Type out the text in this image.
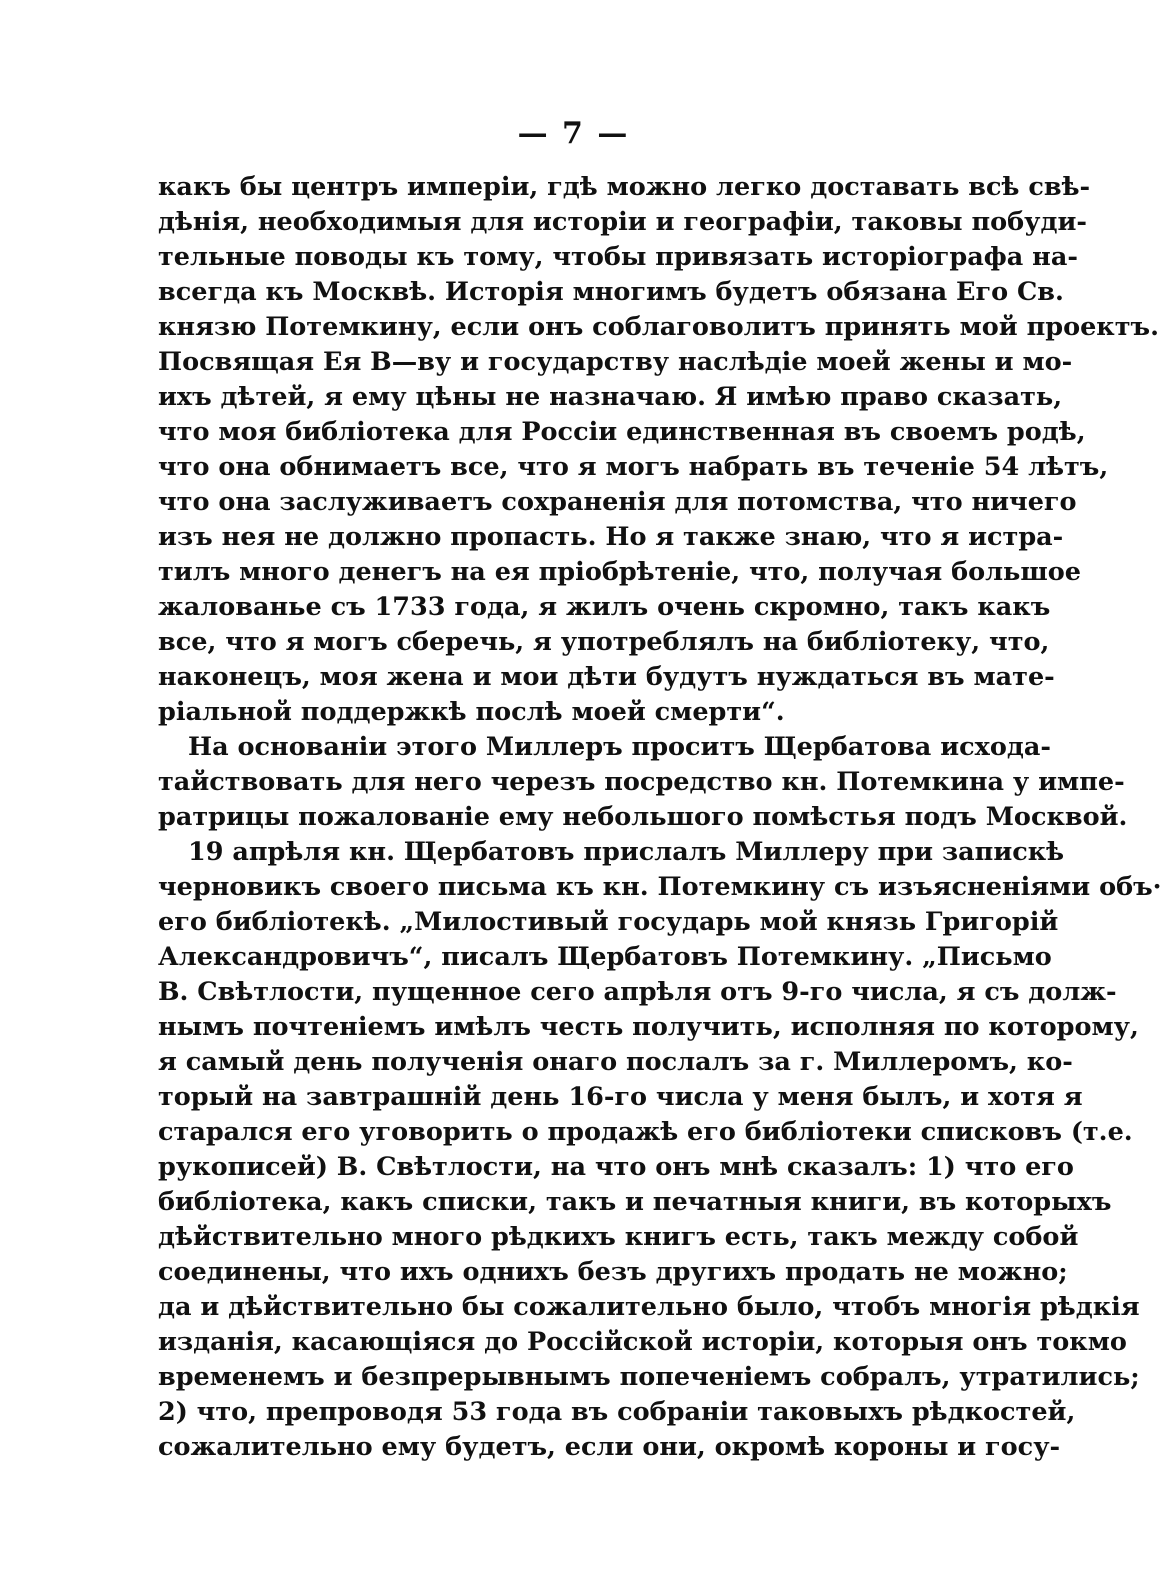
— 7 —
какъ бы центръ имперіи, гдѣ можно легко доставать всѣ свѣ-
дѣнія, необходимыя для исторіи и географіи, таковы побуди-
тельные поводы къ тому, чтобы привязать исторіографа на-
всегда къ Москвѣ. Исторія многимъ будетъ обязана Его Св.
князю Потемкину, если онъ соблаговолитъ принять мой проектъ.
Посвящая Ея В—ву и государству наслѣдіе моей жены и мо-
ихъ дѣтей, я ему цѣны не назначаю. Я имѣю право сказать,
что моя библіотека для Россіи единственная въ своемъ родѣ,
что она обнимаетъ все, что я могъ набрать въ теченіе 54 лѣтъ,
что она заслуживаетъ сохраненія для потомства, что ничего
изъ нея не должно пропасть. Но я также знаю, что я истра-
тилъ много денегъ на ея пріобрѣтеніе, что, получая большое
жалованье съ 1733 года, я жилъ очень скромно, такъ какъ
все, что я могъ сберечь, я употреблялъ на библіотеку, что,
наконецъ, моя жена и мои дѣти будутъ нуждаться въ мате-
ріальной поддержкѣ послѣ моей смерти“.
На основаніи этого Миллеръ проситъ Щербатова исхода-
тайствовать для него черезъ посредство кн. Потемкина у импе-
ратрицы пожалованіе ему небольшого помѣстья подъ Москвой.
19 апрѣля кн. Щербатовъ прислалъ Миллеру при запискѣ
черновикъ своего письма къ кн. Потемкину съ изъясненіями объ·
его библіотекѣ. „Милостивый государь мой князь Григорій
Александровичъ“, писалъ Щербатовъ Потемкину. „Письмо
В. Свѣтлости, пущенное сего апрѣля отъ 9-го числа, я съ долж-
нымъ почтеніемъ имѣлъ честь получить, исполняя по которому,
я самый день полученія онаго послалъ за г. Миллеромъ, ко-
торый на завтрашній день 16-го числа у меня былъ, и хотя я
старался его уговорить о продажѣ его библіотеки списковъ (т.е.
рукописей) В. Свѣтлости, на что онъ мнѣ сказалъ: 1) что его
библіотека, какъ списки, такъ и печатныя книги, въ которыхъ
дѣйствительно много рѣдкихъ книгъ есть, такъ между собой
соединены, что ихъ однихъ безъ другихъ продать не можно;
да и дѣйствительно бы сожалительно было, чтобъ многія рѣдкія
изданія, касающіяся до Россійской исторіи, которыя онъ токмо
временемъ и безпрерывнымъ попеченіемъ собралъ, утратились;
2) что, препроводя 53 года въ собраніи таковыхъ рѣдкостей,
сожалительно ему будетъ, если они, окромѣ короны и госу-
